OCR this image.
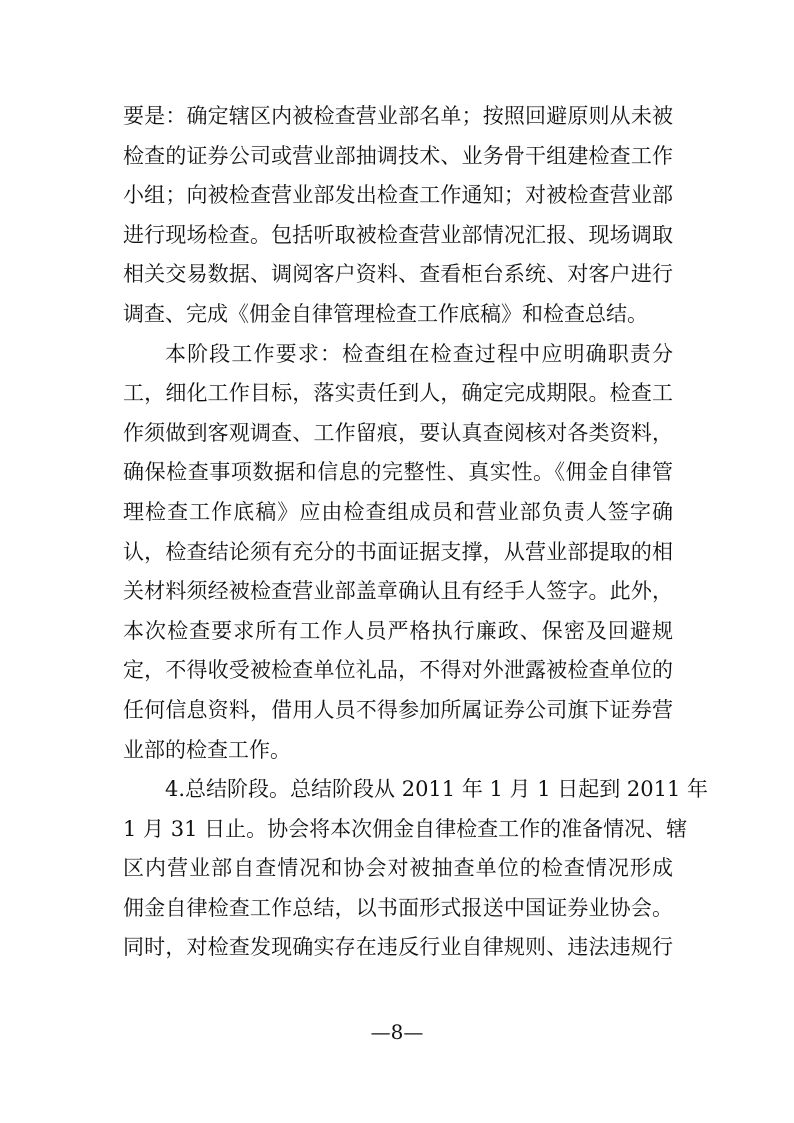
要是：确定辖区内被检查营业部名单；按照回避原则从未被
检查的证券公司或营业部抽调技术、业务骨干组建检查工作
小组；向被检查营业部发出检查工作通知；对被检查营业部
进行现场检查。包括听取被检查营业部情况汇报、现场调取
相关交易数据、调阅客户资料、查看柜台系统、对客户进行
调查、完成《佣金自律管理检查工作底稿》和检查总结。
本阶段工作要求：检查组在检查过程中应明确职责分
工，细化工作目标，落实责任到人，确定完成期限。检查工
作须做到客观调查、工作留痕，要认真查阅核对各类资料，
确保检查事项数据和信息的完整性、真实性。《佣金自律管
理检查工作底稿》应由检查组成员和营业部负责人签字确
认，检查结论须有充分的书面证据支撑，从营业部提取的相
关材料须经被检查营业部盖章确认且有经手人签字。此外，
本次检查要求所有工作人员严格执行廉政、保密及回避规
定，不得收受被检查单位礼品，不得对外泄露被检查单位的
任何信息资料，借用人员不得参加所属证券公司旗下证券营
业部的检查工作。
4.总结阶段。总结阶段从 2011 年 1 月 1 日起到 2011 年
1 月 31 日止。协会将本次佣金自律检查工作的准备情况、辖
区内营业部自查情况和协会对被抽查单位的检查情况形成
佣金自律检查工作总结，以书面形式报送中国证券业协会。
同时，对检查发现确实存在违反行业自律规则、违法违规行
—8—
